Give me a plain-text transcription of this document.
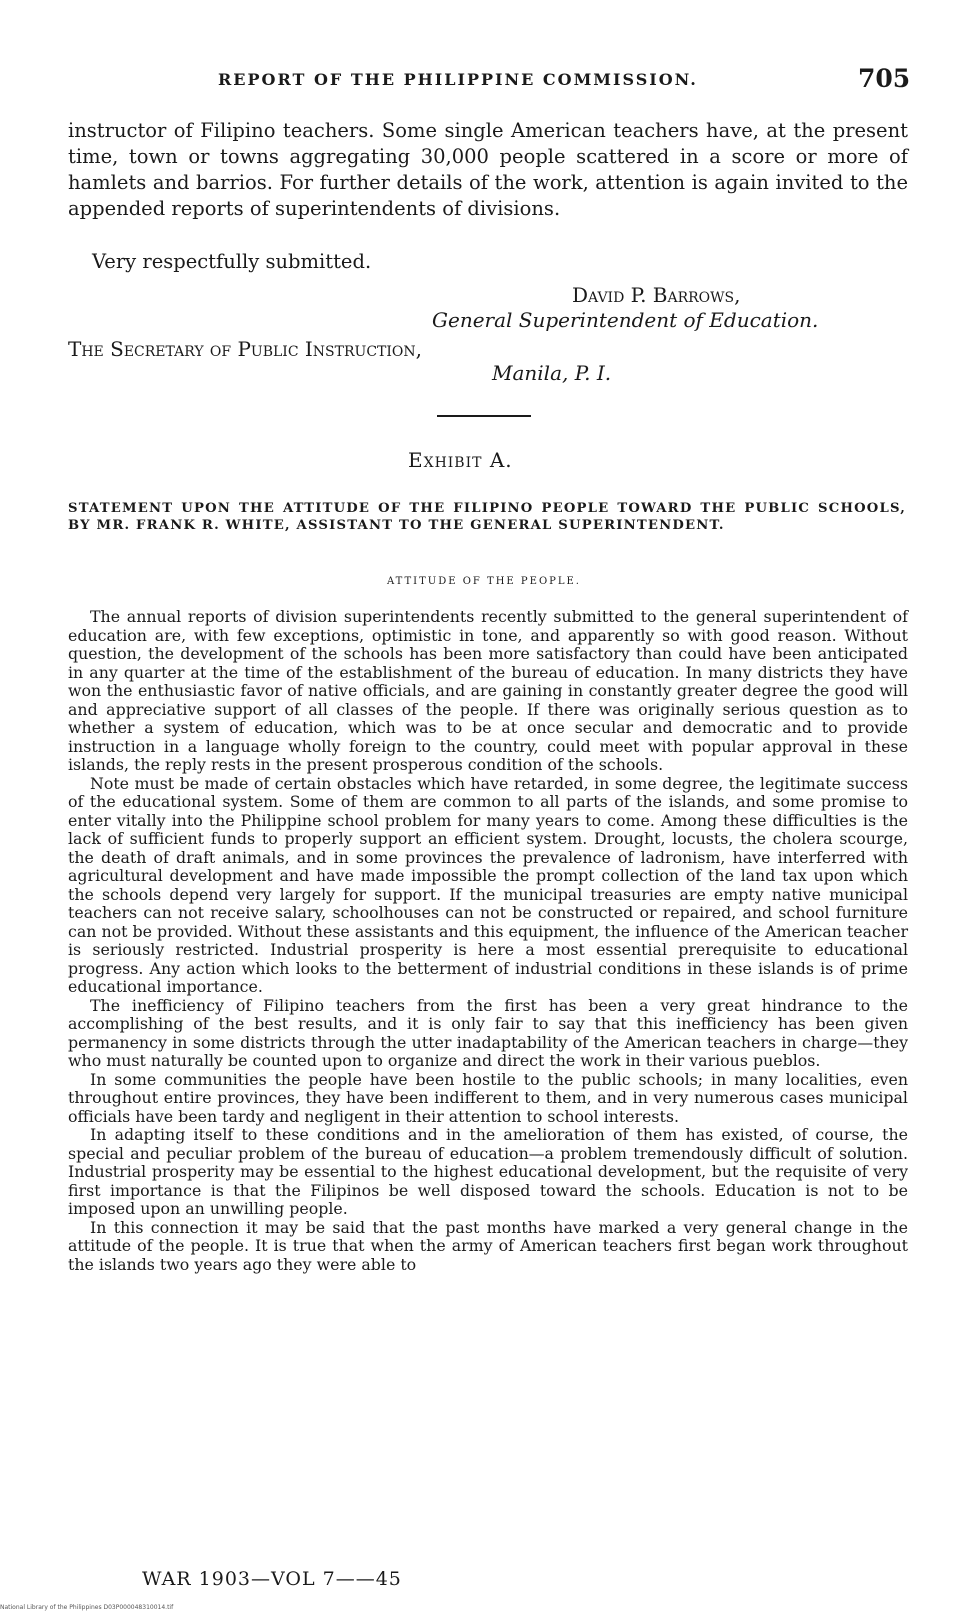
REPORT OF THE PHILIPPINE COMMISSION.	705

instructor of Filipino teachers. Some single American teachers have, at the present time, town or towns aggregating 30,000 people scattered in a score or more of hamlets and barrios. For further details of the work, attention is again invited to the appended reports of superintendents of divisions.

Very respectfully submitted.

David P. Barrows,
General Superintendent of Education.
The Secretary of Public Instruction,
Manila, P. I.
Exhibit A.
STATEMENT UPON THE ATTITUDE OF THE FILIPINO PEOPLE TOWARD THE PUBLIC SCHOOLS, BY MR. FRANK R. WHITE, ASSISTANT TO THE GENERAL SUPERINTENDENT.
ATTITUDE OF THE PEOPLE.

The annual reports of division superintendents recently submitted to the general superintendent of education are, with few exceptions, optimistic in tone, and apparently so with good reason. Without question, the development of the schools has been more satisfactory than could have been anticipated in any quarter at the time of the establishment of the bureau of education. In many districts they have won the enthusiastic favor of native officials, and are gaining in constantly greater degree the good will and appreciative support of all classes of the people. If there was originally serious question as to whether a system of education, which was to be at once secular and democratic and to provide instruction in a language wholly foreign to the country, could meet with popular approval in these islands, the reply rests in the present prosperous condition of the schools.

Note must be made of certain obstacles which have retarded, in some degree, the legitimate success of the educational system. Some of them are common to all parts of the islands, and some promise to enter vitally into the Philippine school problem for many years to come. Among these difficulties is the lack of sufficient funds to properly support an efficient system. Drought, locusts, the cholera scourge, the death of draft animals, and in some provinces the prevalence of ladronism, have interferred with agricultural development and have made impossible the prompt collection of the land tax upon which the schools depend very largely for support. If the municipal treasuries are empty native municipal teachers can not receive salary, schoolhouses can not be constructed or repaired, and school furniture can not be provided. Without these assistants and this equipment, the influence of the American teacher is seriously restricted. Industrial prosperity is here a most essential prerequisite to educational progress. Any action which looks to the betterment of industrial conditions in these islands is of prime educational importance.

The inefficiency of Filipino teachers from the first has been a very great hindrance to the accomplishing of the best results, and it is only fair to say that this inefficiency has been given permanency in some districts through the utter inadaptability of the American teachers in charge—they who must naturally be counted upon to organize and direct the work in their various pueblos.

In some communities the people have been hostile to the public schools; in many localities, even throughout entire provinces, they have been indifferent to them, and in very numerous cases municipal officials have been tardy and negligent in their attention to school interests.

In adapting itself to these conditions and in the amelioration of them has existed, of course, the special and peculiar problem of the bureau of education—a problem tremendously difficult of solution. Industrial prosperity may be essential to the highest educational development, but the requisite of very first importance is that the Filipinos be well disposed toward the schools. Education is not to be imposed upon an unwilling people.

In this connection it may be said that the past months have marked a very general change in the attitude of the people. It is true that when the army of American teachers first began work throughout the islands two years ago they were able to

WAR 1903—VOL 7——45
National Library of the Philippines D03P000048310014.tif
